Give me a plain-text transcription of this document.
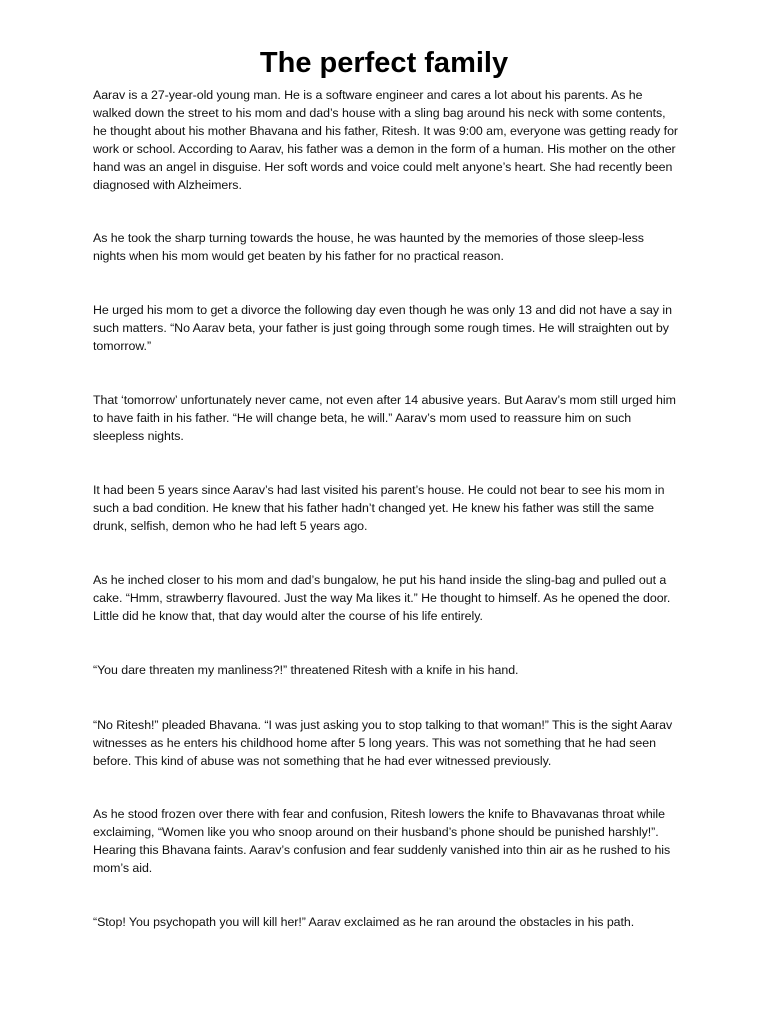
The perfect family

Aarav is a 27-year-old young man. He is a software engineer and cares a lot about his parents. As he walked down the street to his mom and dad’s house with a sling bag around his neck with some contents, he thought about his mother Bhavana and his father, Ritesh. It was 9:00 am, everyone was getting ready for work or school. According to Aarav, his father was a demon in the form of a human. His mother on the other hand was an angel in disguise. Her soft words and voice could melt anyone’s heart. She had recently been diagnosed with Alzheimers.

As he took the sharp turning towards the house, he was haunted by the memories of those sleep-less nights when his mom would get beaten by his father for no practical reason.

He urged his mom to get a divorce the following day even though he was only 13 and did not have a say in such matters. “No Aarav beta, your father is just going through some rough times. He will straighten out by tomorrow.”

That ‘tomorrow’ unfortunately never came, not even after 14 abusive years. But Aarav’s mom still urged him to have faith in his father. “He will change beta, he will.” Aarav’s mom used to reassure him on such sleepless nights.

It had been 5 years since Aarav’s had last visited his parent’s house. He could not bear to see his mom in such a bad condition. He knew that his father hadn’t changed yet. He knew his father was still the same drunk, selfish, demon who he had left 5 years ago.

As he inched closer to his mom and dad’s bungalow, he put his hand inside the sling-bag and pulled out a cake. “Hmm, strawberry flavoured. Just the way Ma likes it.” He thought to himself. As he opened the door. Little did he know that, that day would alter the course of his life entirely.

“You dare threaten my manliness?!” threatened Ritesh with a knife in his hand.

“No Ritesh!” pleaded Bhavana. “I was just asking you to stop talking to that woman!” This is the sight Aarav witnesses as he enters his childhood home after 5 long years. This was not something that he had seen before. This kind of abuse was not something that he had ever witnessed previously.

As he stood frozen over there with fear and confusion, Ritesh lowers the knife to Bhavavanas throat while exclaiming, “Women like you who snoop around on their husband’s phone should be punished harshly!”. Hearing this Bhavana faints. Aarav’s confusion and fear suddenly vanished into thin air as he rushed to his mom’s aid.

“Stop! You psychopath you will kill her!” Aarav exclaimed as he ran around the obstacles in his path.
